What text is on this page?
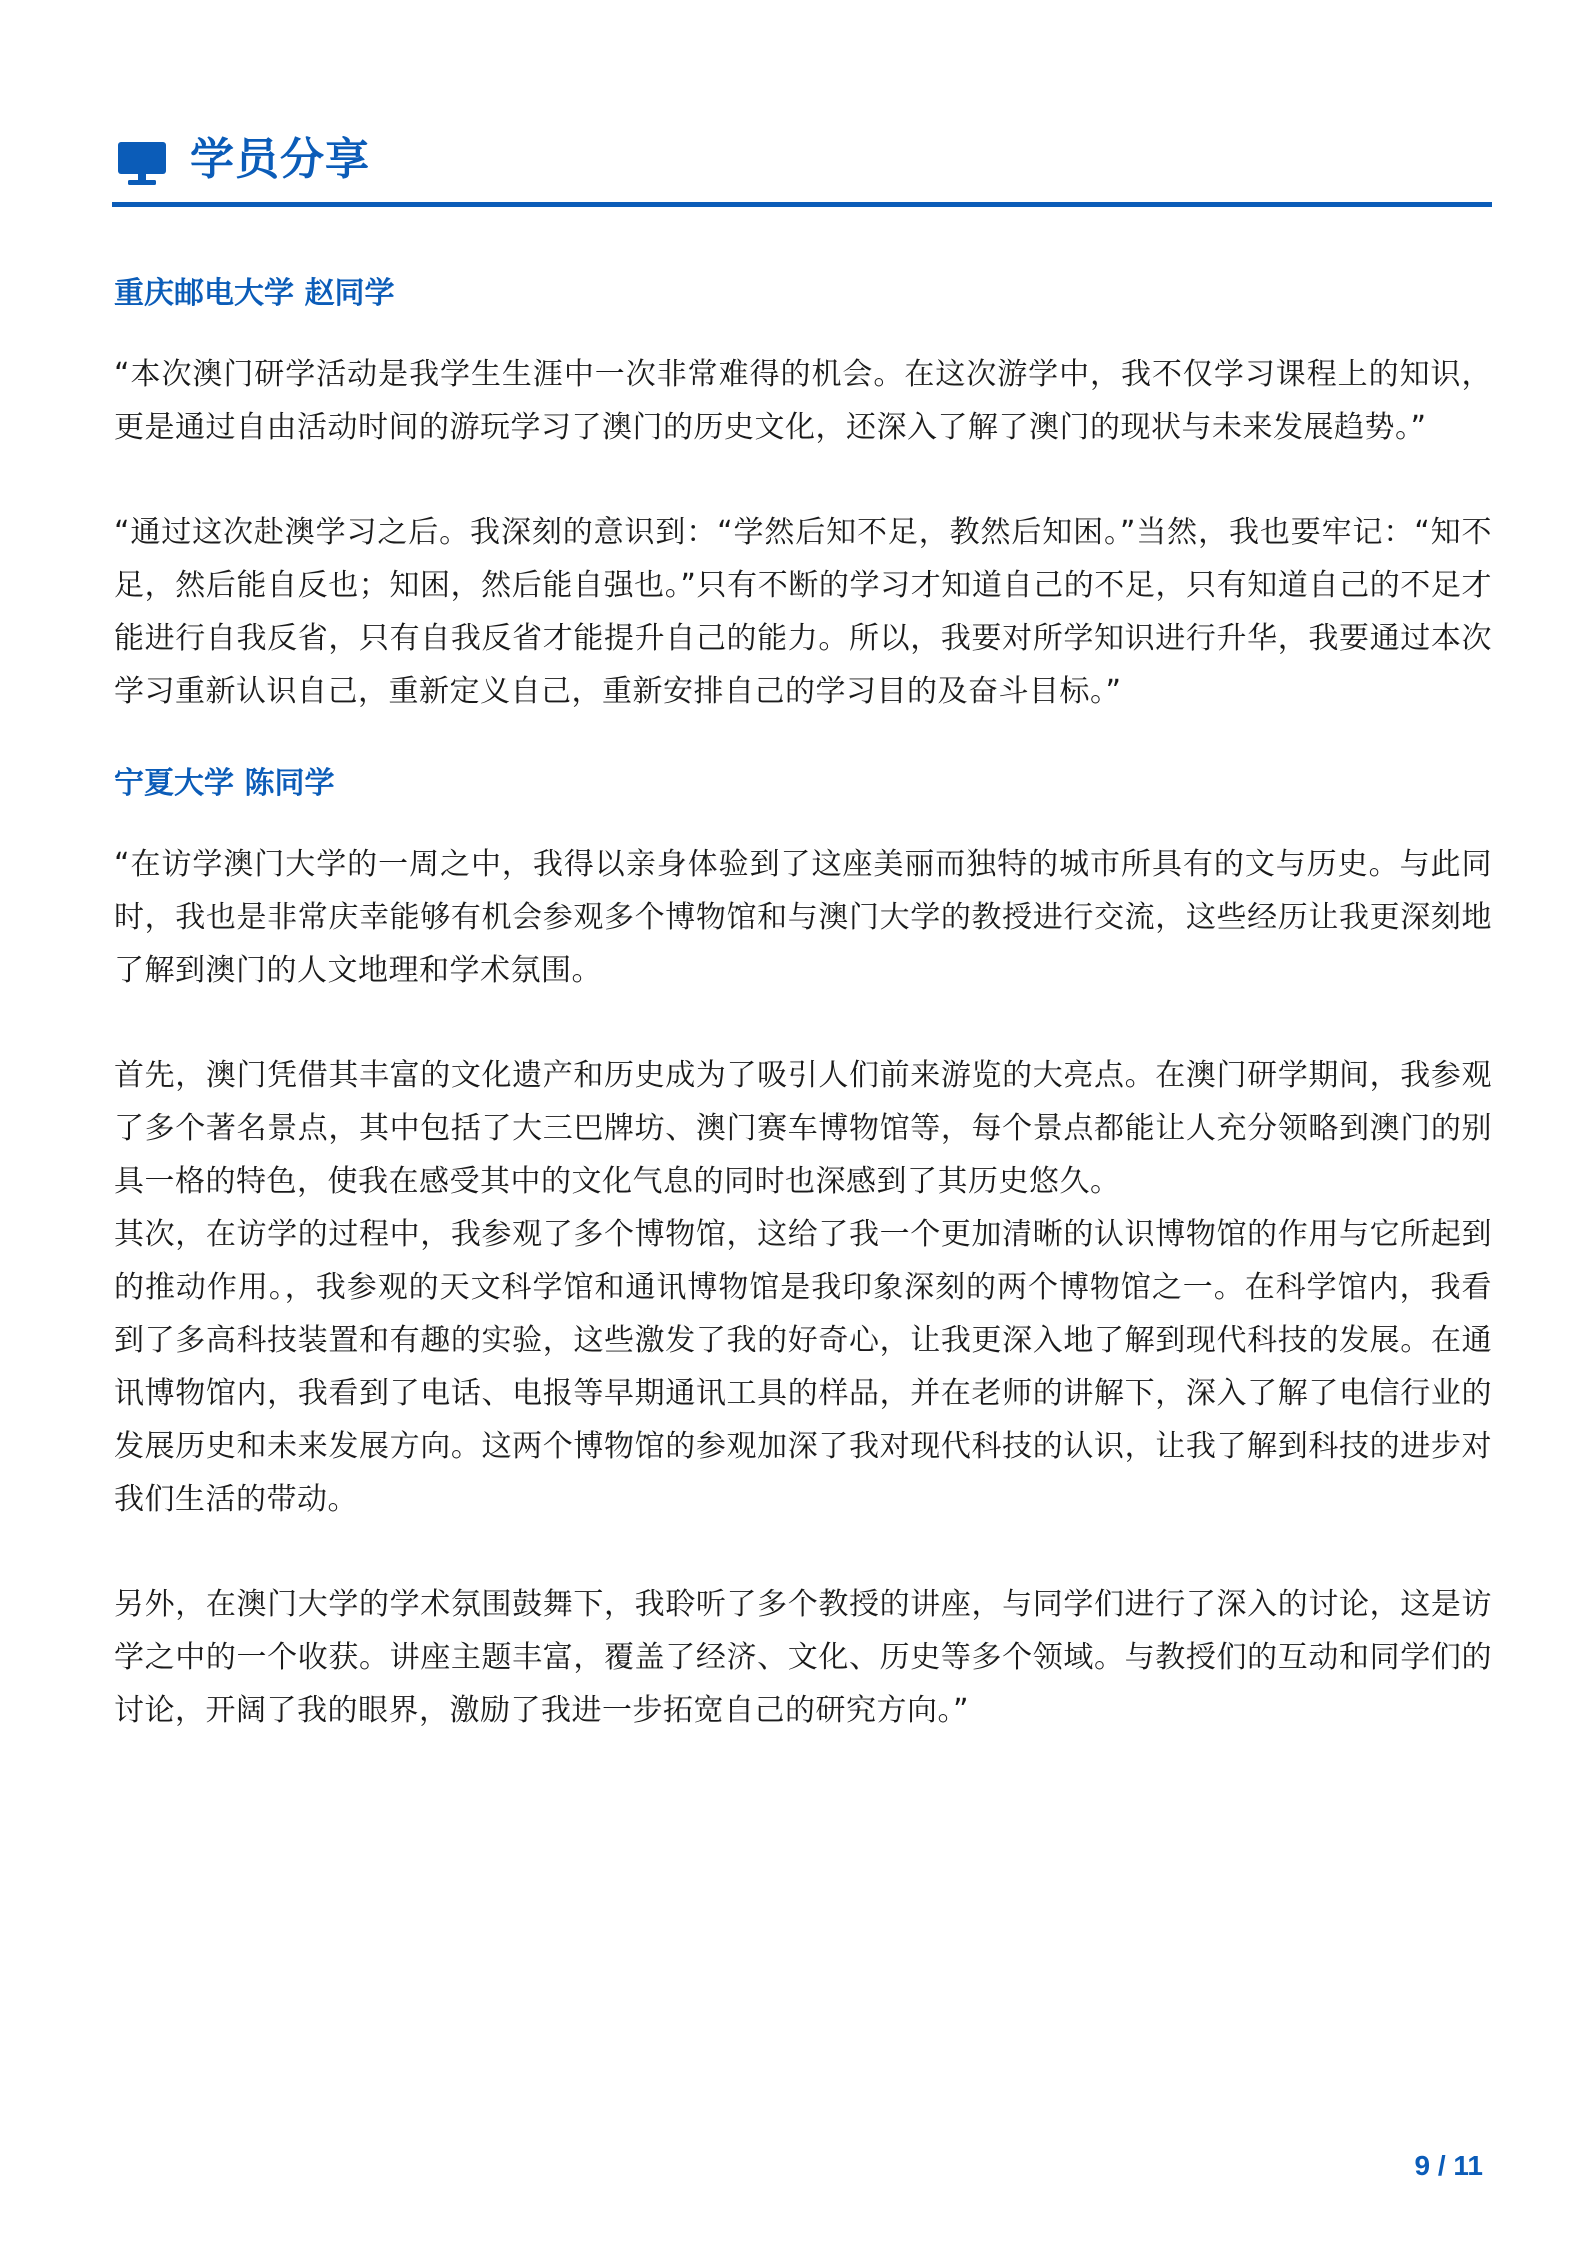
学员分享
重庆邮电大学 赵同学

“本次澳门研学活动是我学生生涯中一次非常难得的机会。在这次游学中，我不仅学习课程上的知识，更是通过自由活动时间的游玩学习了澳门的历史文化，还深入了解了澳门的现状与未来发展趋势。”

“通过这次赴澳学习之后。我深刻的意识到：“学然后知不足，教然后知困。”当然，我也要牢记：“知不足，然后能自反也；知困，然后能自强也。”只有不断的学习才知道自己的不足，只有知道自己的不足才能进行自我反省，只有自我反省才能提升自己的能力。所以，我要对所学知识进行升华，我要通过本次学习重新认识自己，重新定义自己，重新安排自己的学习目的及奋斗目标。”

宁夏大学 陈同学

“在访学澳门大学的一周之中，我得以亲身体验到了这座美丽而独特的城市所具有的文与历史。与此同时，我也是非常庆幸能够有机会参观多个博物馆和与澳门大学的教授进行交流，这些经历让我更深刻地了解到澳门的人文地理和学术氛围。

首先，澳门凭借其丰富的文化遗产和历史成为了吸引人们前来游览的大亮点。在澳门研学期间，我参观了多个著名景点，其中包括了大三巴牌坊、澳门赛车博物馆等，每个景点都能让人充分领略到澳门的别具一格的特色，使我在感受其中的文化气息的同时也深感到了其历史悠久。

其次，在访学的过程中，我参观了多个博物馆，这给了我一个更加清晰的认识博物馆的作用与它所起到的推动作用。，我参观的天文科学馆和通讯博物馆是我印象深刻的两个博物馆之一。在科学馆内，我看到了多高科技装置和有趣的实验，这些激发了我的好奇心，让我更深入地了解到现代科技的发展。在通讯博物馆内，我看到了电话、电报等早期通讯工具的样品，并在老师的讲解下，深入了解了电信行业的发展历史和未来发展方向。这两个博物馆的参观加深了我对现代科技的认识，让我了解到科技的进步对我们生活的带动。

另外，在澳门大学的学术氛围鼓舞下，我聆听了多个教授的讲座，与同学们进行了深入的讨论，这是访学之中的一个收获。讲座主题丰富，覆盖了经济、文化、历史等多个领域。与教授们的互动和同学们的讨论，开阔了我的眼界，激励了我进一步拓宽自己的研究方向。”

9 / 11
